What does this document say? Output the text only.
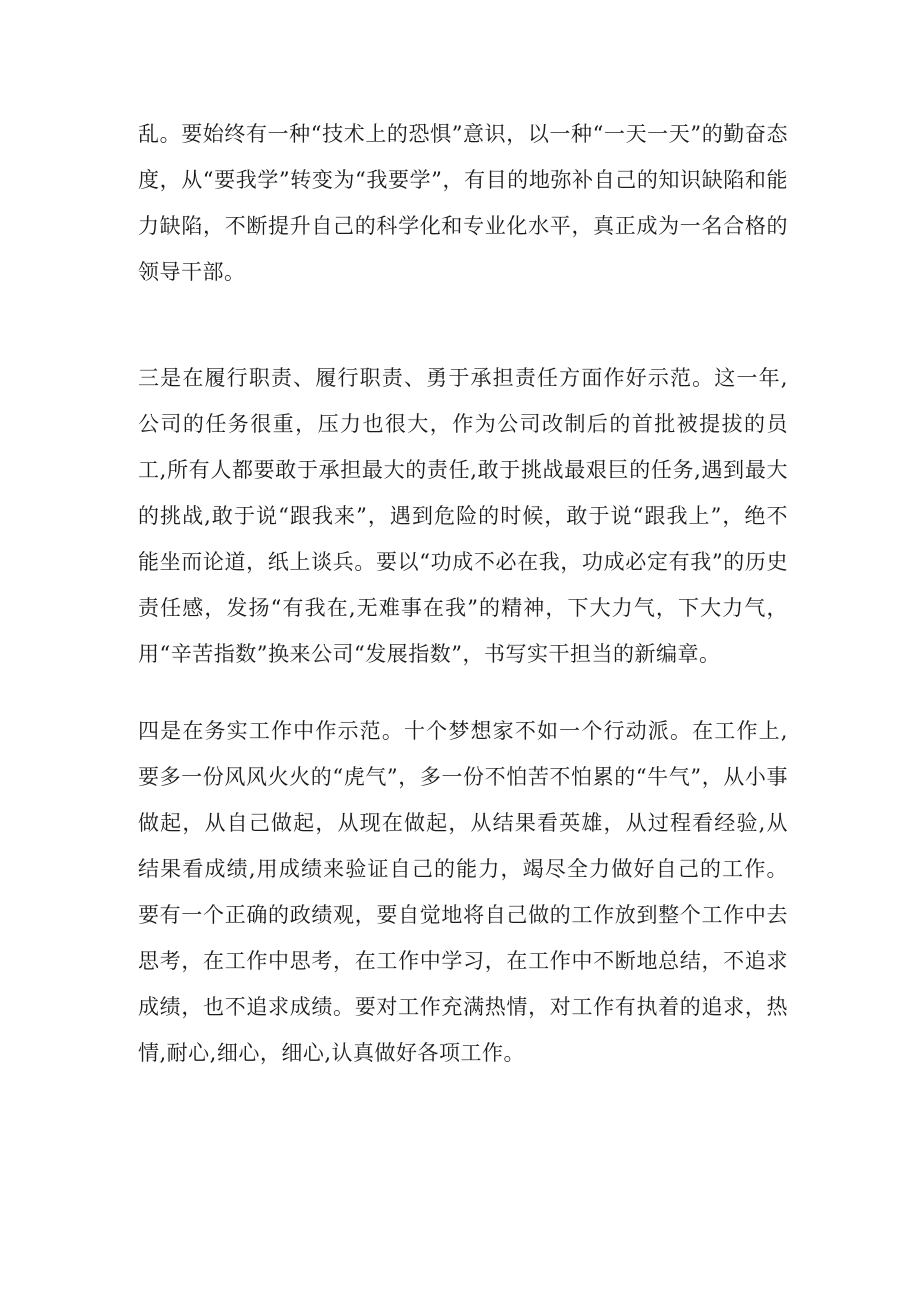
乱。要始终有一种“技术上的恐惧”意识，以一种“一天一天”的勤奋态度，从“要我学”转变为“我要学”，有目的地弥补自己的知识缺陷和能力缺陷，不断提升自己的科学化和专业化水平，真正成为一名合格的领导干部。

三是在履行职责、履行职责、勇于承担责任方面作好示范。这一年,公司的任务很重，压力也很大，作为公司改制后的首批被提拔的员工,所有人都要敢于承担最大的责任,敢于挑战最艰巨的任务,遇到最大的挑战,敢于说“跟我来”，遇到危险的时候，敢于说“跟我上”，绝不能坐而论道，纸上谈兵。要以“功成不必在我，功成必定有我”的历史责任感，发扬“有我在,无难事在我”的精神，下大力气，下大力气，用“辛苦指数”换来公司“发展指数”，书写实干担当的新编章。

四是在务实工作中作示范。十个梦想家不如一个行动派。在工作上,要多一份风风火火的“虎气”，多一份不怕苦不怕累的“牛气”，从小事做起，从自己做起，从现在做起，从结果看英雄，从过程看经验,从结果看成绩,用成绩来验证自己的能力，竭尽全力做好自己的工作。要有一个正确的政绩观，要自觉地将自己做的工作放到整个工作中去思考，在工作中思考，在工作中学习，在工作中不断地总结，不追求成绩，也不追求成绩。要对工作充满热情，对工作有执着的追求，热情,耐心,细心，细心,认真做好各项工作。
